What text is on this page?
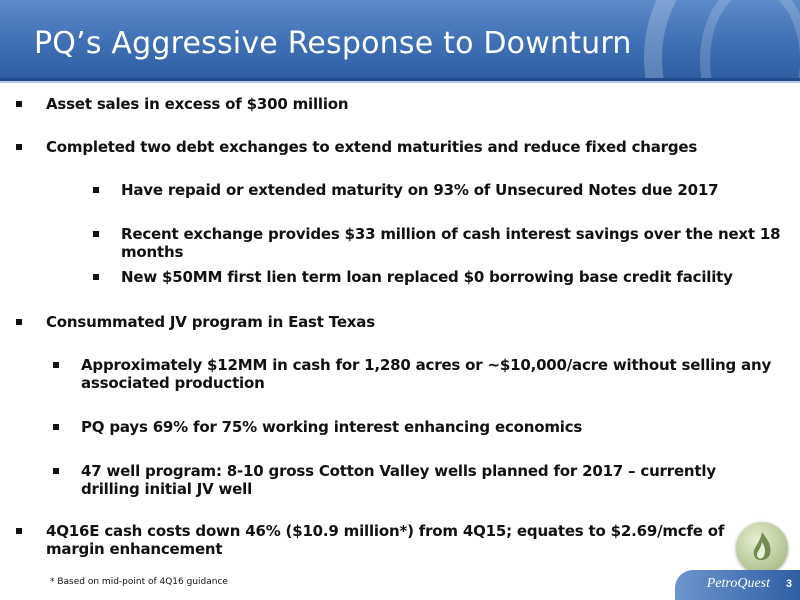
PQ’s Aggressive Response to Downturn
Asset sales in excess of $300 million
Completed two debt exchanges to extend maturities and reduce fixed charges
Have repaid or extended maturity on 93% of Unsecured Notes due 2017
Recent exchange provides $33 million of cash interest savings over the next 18 months
New $50MM first lien term loan replaced $0 borrowing base credit facility
Consummated JV program in East Texas
Approximately $12MM in cash for 1,280 acres or ~$10,000/acre without selling any associated production
PQ pays 69% for 75% working interest enhancing economics
47 well program: 8-10 gross Cotton Valley wells planned for 2017 – currently drilling initial JV well
4Q16E cash costs down 46% ($10.9 million*) from 4Q15; equates to $2.69/mcfe of margin enhancement
* Based on mid-point of 4Q16 guidance	PetroQuest 3
